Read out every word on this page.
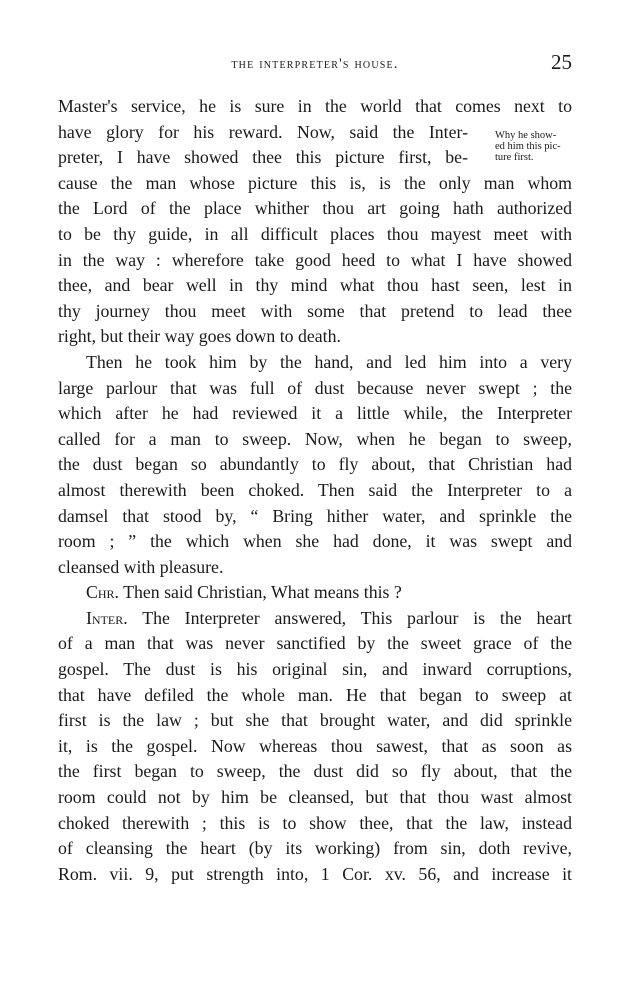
the interpreter's house.	25
Why he show-
ed him this pic-
ture first.
Master's service, he is sure in the world that comes next to
have glory for his reward. Now, said the Inter-
preter, I have showed thee this picture first, be-
cause the man whose picture this is, is the only man whom
the Lord of the place whither thou art going hath authorized
to be thy guide, in all difficult places thou mayest meet with
in the way : wherefore take good heed to what I have showed
thee, and bear well in thy mind what thou hast seen, lest in
thy journey thou meet with some that pretend to lead thee
right, but their way goes down to death.
Then he took him by the hand, and led him into a very
large parlour that was full of dust because never swept ; the
which after he had reviewed it a little while, the Interpreter
called for a man to sweep. Now, when he began to sweep,
the dust began so abundantly to fly about, that Christian had
almost therewith been choked. Then said the Interpreter to a
damsel that stood by, “ Bring hither water, and sprinkle the
room ; ” the which when she had done, it was swept and
cleansed with pleasure.
Chr. Then said Christian, What means this ?
Inter. The Interpreter answered, This parlour is the heart
of a man that was never sanctified by the sweet grace of the
gospel. The dust is his original sin, and inward corruptions,
that have defiled the whole man. He that began to sweep at
first is the law ; but she that brought water, and did sprinkle
it, is the gospel. Now whereas thou sawest, that as soon as
the first began to sweep, the dust did so fly about, that the
room could not by him be cleansed, but that thou wast almost
choked therewith ; this is to show thee, that the law, instead
of cleansing the heart (by its working) from sin, doth revive,
Rom. vii. 9, put strength into, 1 Cor. xv. 56, and increase it
